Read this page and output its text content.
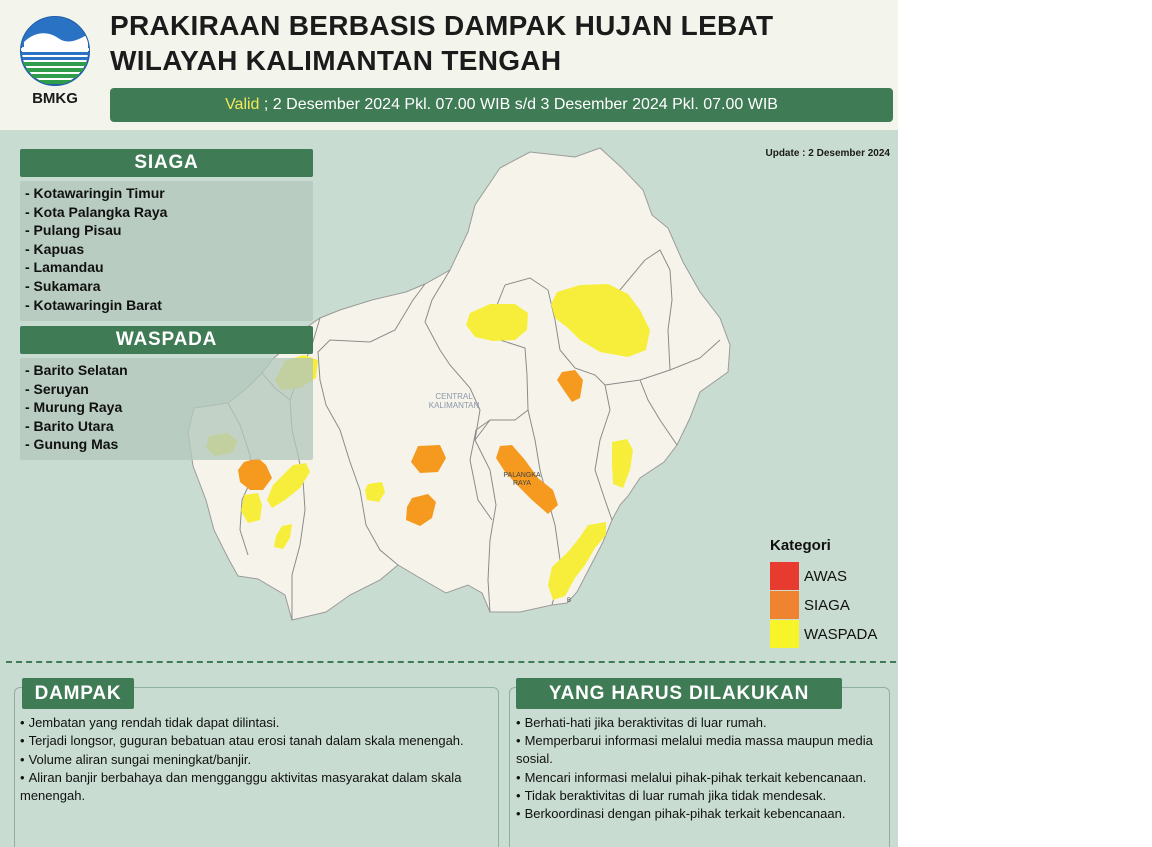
BMKG
PRAKIRAAN BERBASIS DAMPAK HUJAN LEBAT
WILAYAH KALIMANTAN TENGAH
Valid ; 2 Desember 2024 Pkl. 07.00 WIB s/d 3 Desember 2024 Pkl. 07.00 WIB
CENTRAL
KALIMANTAN
PALANGKA
RAYA
B
Update : 2 Desember 2024
SIAGA
- Kotawaringin Timur
- Kota Palangka Raya
- Pulang Pisau
- Kapuas
- Lamandau
- Sukamara
- Kotawaringin Barat
WASPADA
- Barito Selatan
- Seruyan
- Murung Raya
- Barito Utara
- Gunung Mas
Kategori
AWAS
SIAGA
WASPADA
DAMPAK
• Jembatan yang rendah tidak dapat dilintasi.
• Terjadi longsor, guguran bebatuan atau erosi tanah dalam skala menengah.
• Volume aliran sungai meningkat/banjir.
• Aliran banjir berbahaya dan mengganggu aktivitas masyarakat dalam skala menengah.
YANG HARUS DILAKUKAN
• Berhati-hati jika beraktivitas di luar rumah.
• Memperbarui informasi melalui media massa maupun media sosial.
• Mencari informasi melalui pihak-pihak terkait kebencanaan.
• Tidak beraktivitas di luar rumah jika tidak mendesak.
• Berkoordinasi dengan pihak-pihak terkait kebencanaan.
